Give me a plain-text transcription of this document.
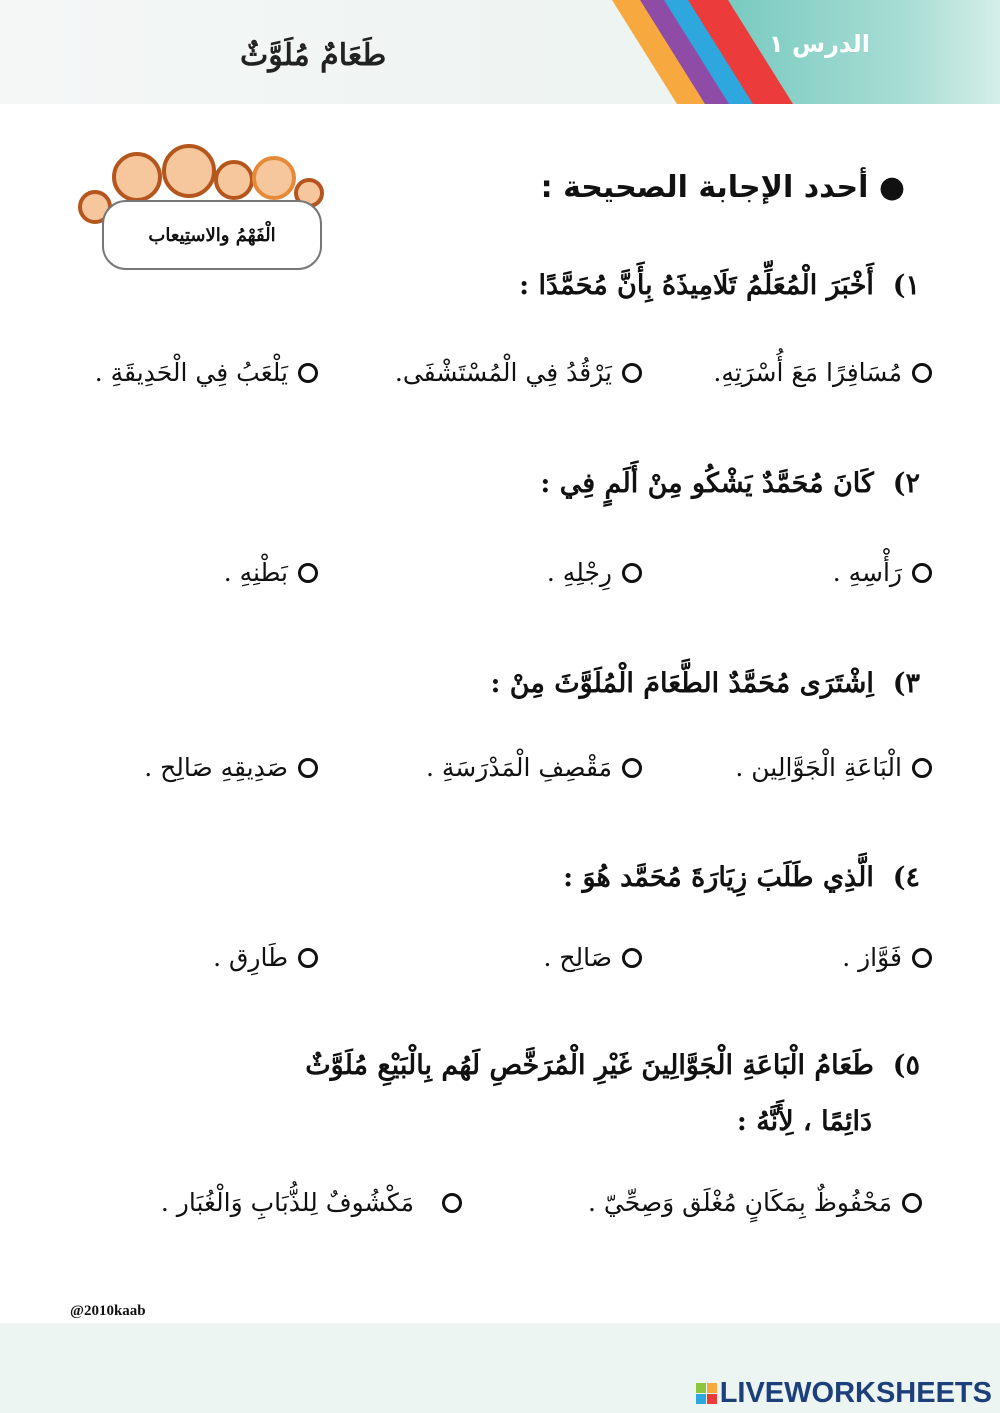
الدرس ١
طَعَامٌ مُلَوَّثٌ
الْفَهْمُ والاستِيعاب
● أحدد الإجابة الصحيحة :
١)  أَخْبَرَ الْمُعَلِّمُ تَلَامِيذَهُ بِأَنَّ مُحَمَّدًا :
مُسَافِرًا مَعَ أُسْرَتِهِ.
يَرْقُدُ فِي الْمُسْتَشْفَى.
يَلْعَبُ فِي الْحَدِيقَةِ .
٢)  كَانَ مُحَمَّدٌ يَشْكُو مِنْ أَلَمٍ فِي :
رَأْسِهِ .
رِجْلِهِ .
بَطْنِهِ .
٣)  اِشْتَرَى مُحَمَّدٌ الطَّعَامَ الْمُلَوَّثَ مِنْ :
الْبَاعَةِ الْجَوَّالِين .
مَقْصِفِ الْمَدْرَسَةِ .
صَدِيقِهِ صَالِح .
٤)  الَّذِي طَلَبَ زِيَارَةَ مُحَمَّد هُوَ :
فَوَّاز .
صَالِح .
طَارِق .
٥)  طَعَامُ الْبَاعَةِ الْجَوَّالِينَ غَيْرِ الْمُرَخَّصِ لَهُم بِالْبَيْعِ مُلَوَّثٌ
دَائِمًا ، لِأَنَّهُ :
مَحْفُوظٌ بِمَكَانٍ مُغْلَق وَصِحِّيّ .

مَكْشُوفٌ لِلذُّبَابِ وَالْغُبَار .
@2010kaab
LIVEWORKSHEETS
